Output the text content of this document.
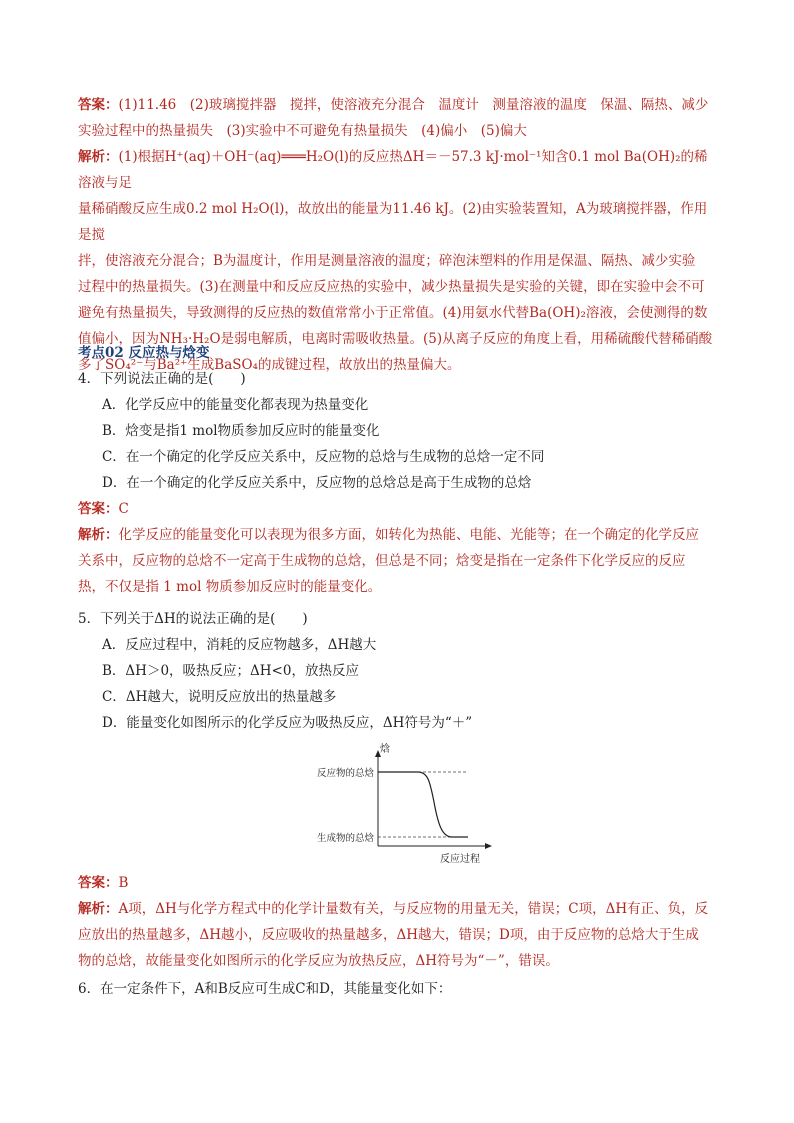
答案：(1)11.46　(2)玻璃搅拌器　搅拌，使溶液充分混合　温度计　测量溶液的温度　保温、隔热、减少
实验过程中的热量损失　(3)实验中不可避免有热量损失　(4)偏小　(5)偏大
解析：(1)根据H⁺(aq)＋OH⁻(aq)═══H₂O(l)的反应热ΔH＝－57.3 kJ·mol⁻¹知含0.1 mol Ba(OH)₂的稀溶液与足
量稀硝酸反应生成0.2 mol H₂O(l)，故放出的能量为11.46 kJ。(2)由实验装置知，A为玻璃搅拌器，作用是搅
拌，使溶液充分混合；B为温度计，作用是测量溶液的温度；碎泡沫塑料的作用是保温、隔热、减少实验
过程中的热量损失。(3)在测量中和反应反应热的实验中，减少热量损失是实验的关键，即在实验中会不可
避免有热量损失，导致测得的反应热的数值常常小于正常值。(4)用氨水代替Ba(OH)₂溶液，会使测得的数
值偏小，因为NH₃·H₂O是弱电解质，电离时需吸收热量。(5)从离子反应的角度上看，用稀硫酸代替稀硝酸
多了SO₄²⁻与Ba²⁺生成BaSO₄的成键过程，故放出的热量偏大。
考点02 反应热与焓变
4．下列说法正确的是(　　)
A．化学反应中的能量变化都表现为热量变化
B．焓变是指1 mol物质参加反应时的能量变化
C．在一个确定的化学反应关系中，反应物的总焓与生成物的总焓一定不同
D．在一个确定的化学反应关系中，反应物的总焓总是高于生成物的总焓
答案：C
解析：化学反应的能量变化可以表现为很多方面，如转化为热能、电能、光能等；在一个确定的化学反应
关系中，反应物的总焓不一定高于生成物的总焓，但总是不同；焓变是指在一定条件下化学反应的反应
热，不仅是指 1 mol 物质参加反应时的能量变化。
5．下列关于ΔH的说法正确的是(　　)
A．反应过程中，消耗的反应物越多，ΔH越大
B．ΔH＞0，吸热反应；ΔH<0，放热反应
C．ΔH越大，说明反应放出的热量越多
D．能量变化如图所示的化学反应为吸热反应，ΔH符号为“＋”
焓
反应物的总焓
生成物的总焓
反应过程
答案：B
解析：A项，ΔH与化学方程式中的化学计量数有关，与反应物的用量无关，错误；C项，ΔH有正、负，反
应放出的热量越多，ΔH越小，反应吸收的热量越多，ΔH越大，错误；D项，由于反应物的总焓大于生成
物的总焓，故能量变化如图所示的化学反应为放热反应，ΔH符号为“－”，错误。
6．在一定条件下，A和B反应可生成C和D，其能量变化如下：
